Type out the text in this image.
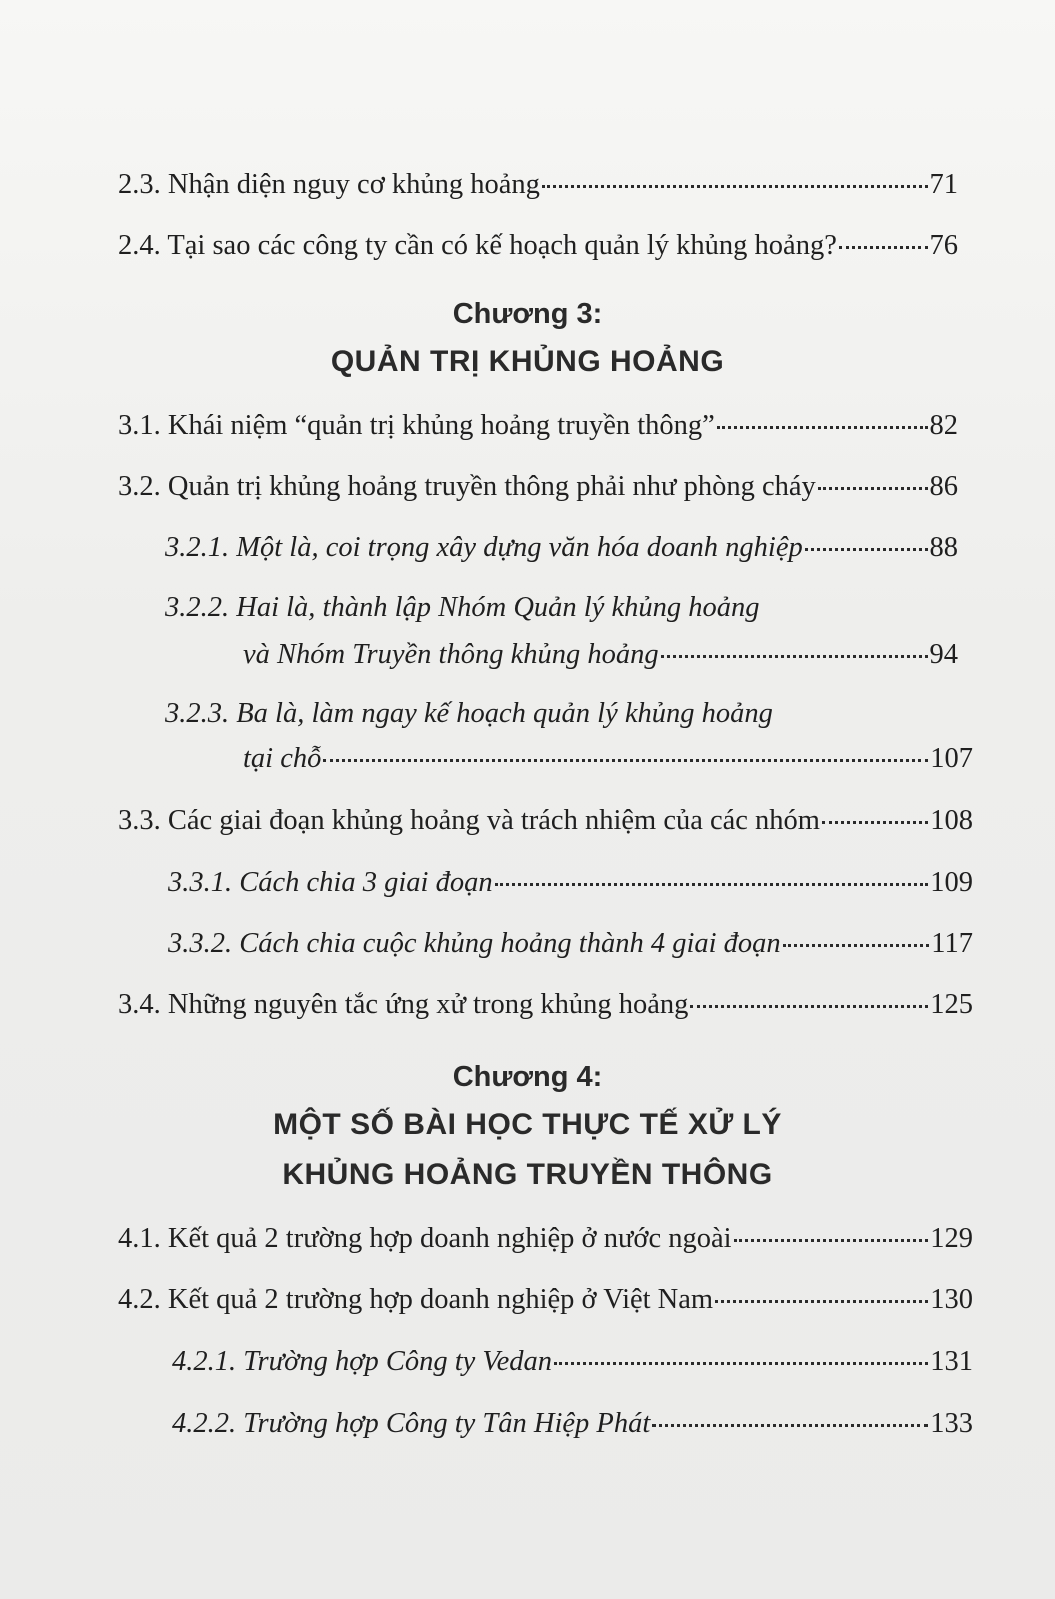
2.3. Nhận diện nguy cơ khủng hoảng	71
2.4. Tại sao các công ty cần có kế hoạch quản lý khủng hoảng?	76
Chương 3:
QUẢN TRỊ KHỦNG HOẢNG
3.1. Khái niệm “quản trị khủng hoảng truyền thông”	82
3.2. Quản trị khủng hoảng truyền thông phải như phòng cháy	86
3.2.1. Một là, coi trọng xây dựng văn hóa doanh nghiệp	88
3.2.2. Hai là, thành lập Nhóm Quản lý khủng hoảng
và Nhóm Truyền thông khủng hoảng	94
3.2.3. Ba là, làm ngay kế hoạch quản lý khủng hoảng
tại chỗ	107
3.3. Các giai đoạn khủng hoảng và trách nhiệm của các nhóm	108
3.3.1. Cách chia 3 giai đoạn	109
3.3.2. Cách chia cuộc khủng hoảng thành 4 giai đoạn	117
3.4. Những nguyên tắc ứng xử trong khủng hoảng	125
Chương 4:
MỘT SỐ BÀI HỌC THỰC TẾ XỬ LÝ
KHỦNG HOẢNG TRUYỀN THÔNG
4.1. Kết quả 2 trường hợp doanh nghiệp ở nước ngoài	129
4.2. Kết quả 2 trường hợp doanh nghiệp ở Việt Nam	130
4.2.1. Trường hợp Công ty Vedan	131
4.2.2. Trường hợp Công ty Tân Hiệp Phát	133
